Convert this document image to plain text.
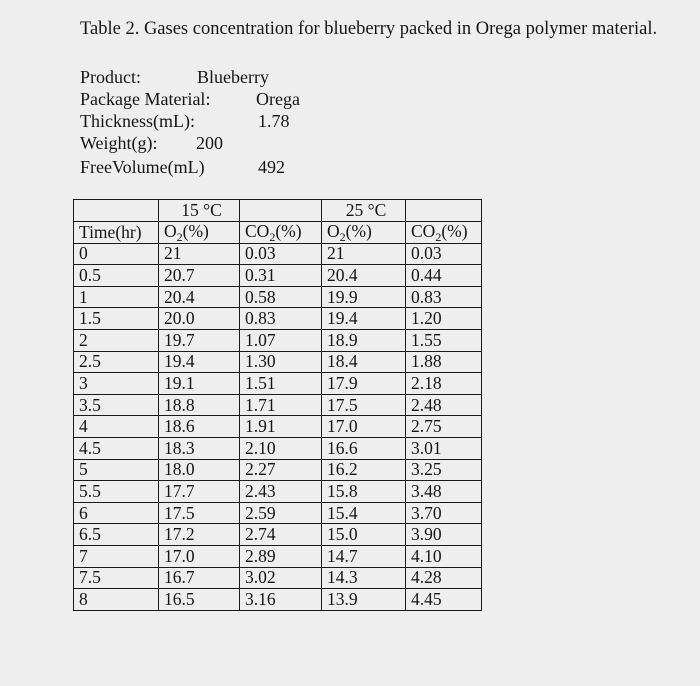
Table 2. Gases concentration for blueberry packed in Orega polymer material.
Product:	Blueberry
Package Material:	Orega
Thickness(mL):	1.78
Weight(g): 200
FreeVolume(mL)	492
	15 °C		25 °C	
Time(hr)	$O_2(\%)$	$CO_2(\%)$	$O_2(\%)$	$CO_2(\%)$
0	21	0.03	21	0.03
0.5	20.7	0.31	20.4	0.44
1	20.4	0.58	19.9	0.83
1.5	20.0	0.83	19.4	1.20
2	19.7	1.07	18.9	1.55
2.5	19.4	1.30	18.4	1.88
3	19.1	1.51	17.9	2.18
3.5	18.8	1.71	17.5	2.48
4	18.6	1.91	17.0	2.75
4.5	18.3	2.10	16.6	3.01
5	18.0	2.27	16.2	3.25
5.5	17.7	2.43	15.8	3.48
6	17.5	2.59	15.4	3.70
6.5	17.2	2.74	15.0	3.90
7	17.0	2.89	14.7	4.10
7.5	16.7	3.02	14.3	4.28
8	16.5	3.16	13.9	4.45
